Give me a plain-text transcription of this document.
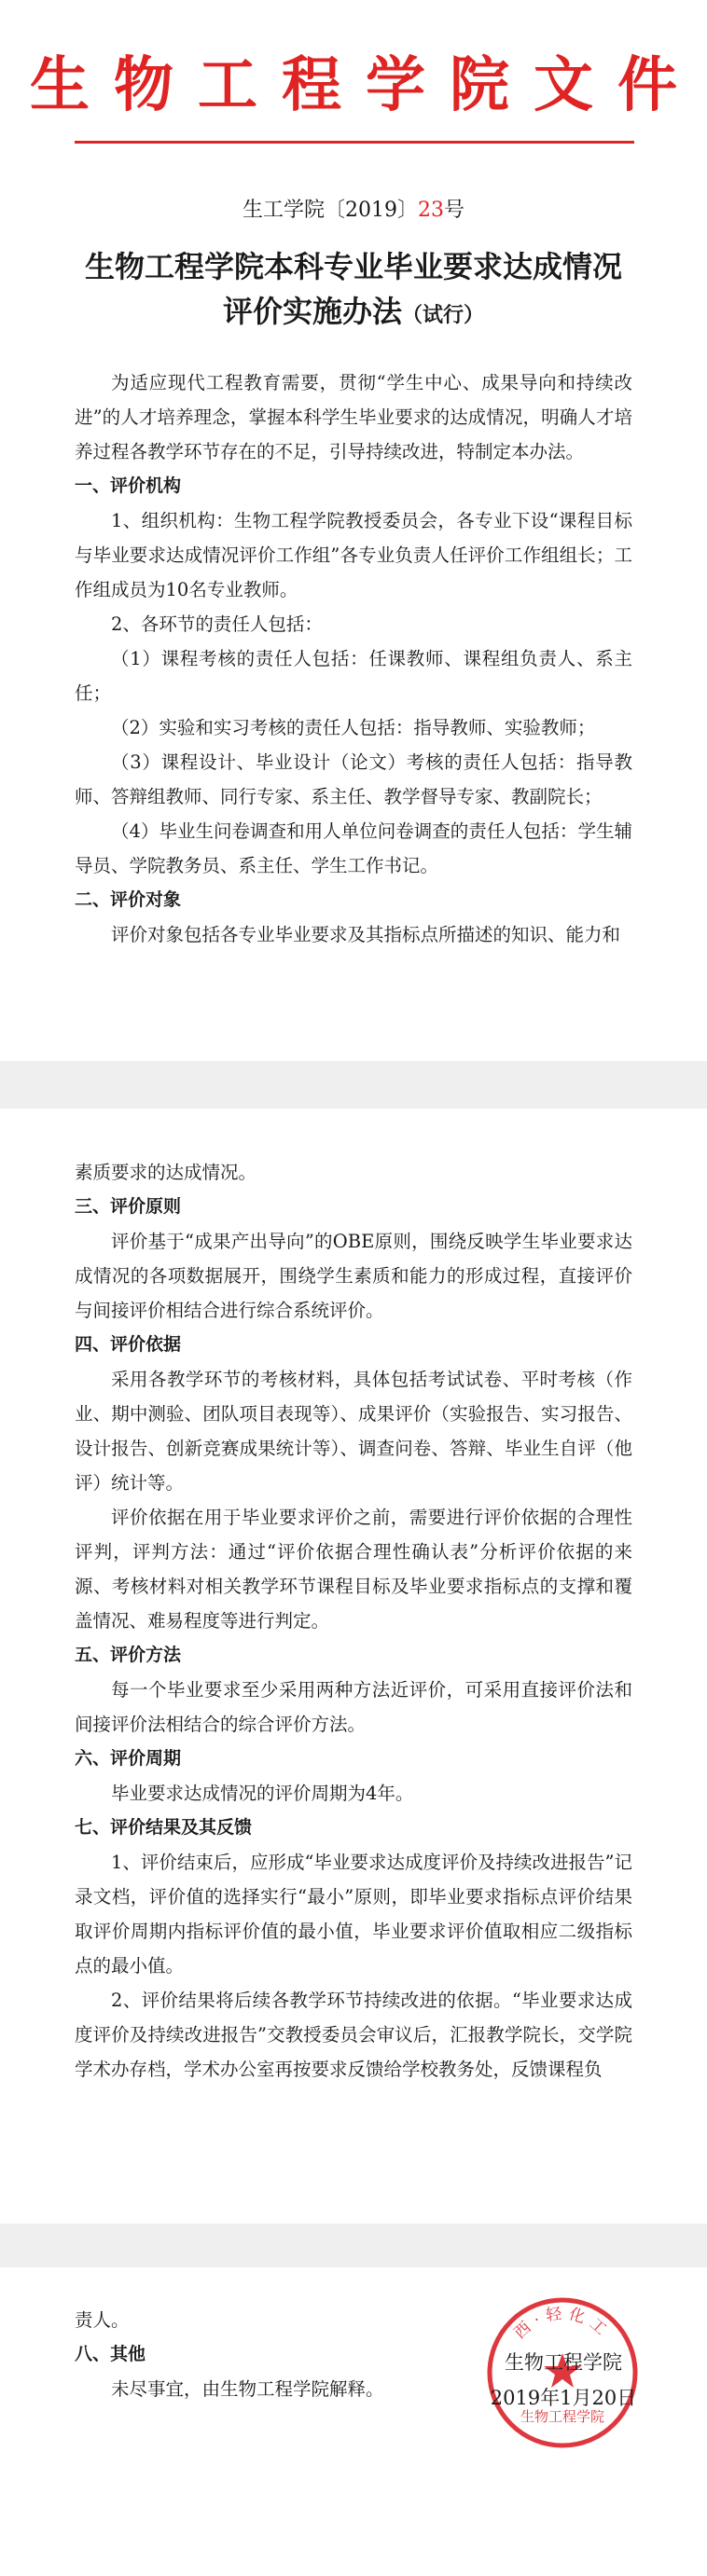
生物工程学院文件
生工学院〔2019〕23号
生物工程学院本科专业毕业要求达成情况
评价实施办法（试行）

为适应现代工程教育需要，贯彻“学生中心、成果导向和持续改进”的人才培养理念，掌握本科学生毕业要求的达成情况，明确人才培养过程各教学环节存在的不足，引导持续改进，特制定本办法。

一、评价机构

1、组织机构：生物工程学院教授委员会，各专业下设“课程目标与毕业要求达成情况评价工作组”各专业负责人任评价工作组组长；工作组成员为10名专业教师。

2、各环节的责任人包括：

（1）课程考核的责任人包括：任课教师、课程组负责人、系主任；

（2）实验和实习考核的责任人包括：指导教师、实验教师；

（3）课程设计、毕业设计（论文）考核的责任人包括：指导教师、答辩组教师、同行专家、系主任、教学督导专家、教副院长；

（4）毕业生问卷调查和用人单位问卷调查的责任人包括：学生辅导员、学院教务员、系主任、学生工作书记。

二、评价对象

评价对象包括各专业毕业要求及其指标点所描述的知识、能力和

素质要求的达成情况。

三、评价原则

评价基于“成果产出导向”的OBE原则，围绕反映学生毕业要求达成情况的各项数据展开，围绕学生素质和能力的形成过程，直接评价与间接评价相结合进行综合系统评价。

四、评价依据

采用各教学环节的考核材料，具体包括考试试卷、平时考核（作业、期中测验、团队项目表现等）、成果评价（实验报告、实习报告、设计报告、创新竞赛成果统计等）、调查问卷、答辩、毕业生自评（他评）统计等。

评价依据在用于毕业要求评价之前，需要进行评价依据的合理性评判，评判方法：通过“评价依据合理性确认表”分析评价依据的来源、考核材料对相关教学环节课程目标及毕业要求指标点的支撑和覆盖情况、难易程度等进行判定。

五、评价方法

每一个毕业要求至少采用两种方法近评价，可采用直接评价法和间接评价法相结合的综合评价方法。

六、评价周期

毕业要求达成情况的评价周期为4年。

七、评价结果及其反馈

1、评价结束后，应形成“毕业要求达成度评价及持续改进报告”记录文档，评价值的选择实行“最小”原则，即毕业要求指标点评价结果取评价周期内指标评价值的最小值，毕业要求评价值取相应二级指标点的最小值。

2、评价结果将后续各教学环节持续改进的依据。“毕业要求达成度评价及持续改进报告”交教授委员会审议后，汇报教学院长，交学院学术办存档，学术办公室再按要求反馈给学校教务处，反馈课程负

责人。

八、其他

未尽事宜，由生物工程学院解释。

西·轻化工
生物工程学院
生物工程学院
2019年1月20日
